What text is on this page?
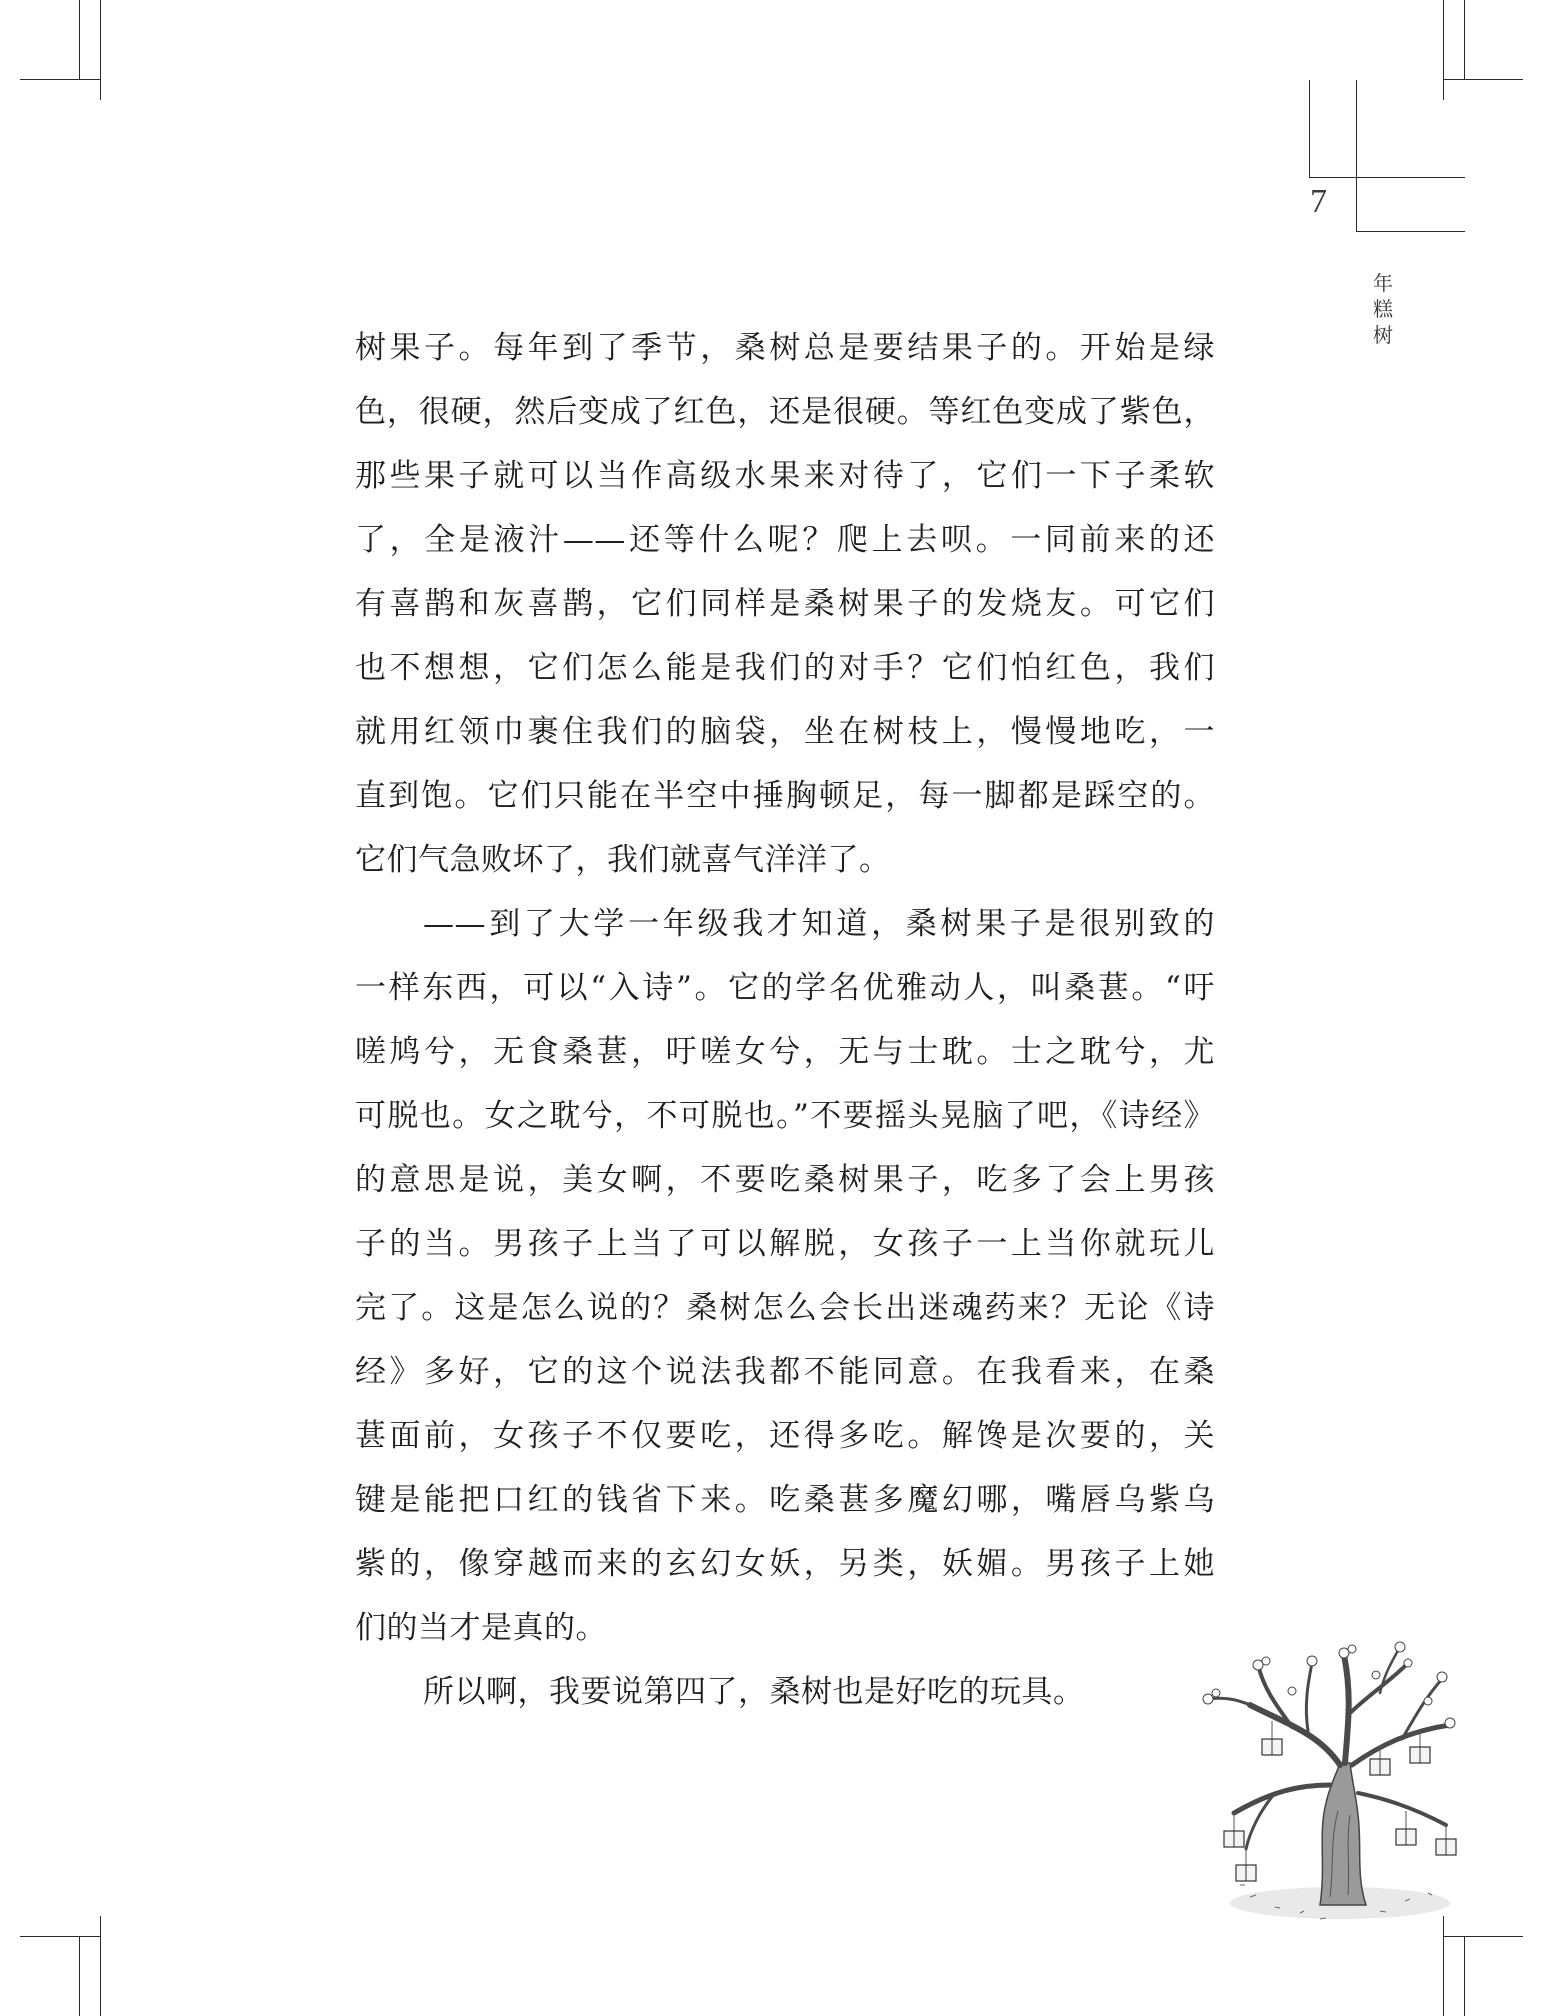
7
年糕树
树果子。每年到了季节，桑树总是要结果子的。开始是绿
色，很硬，然后变成了红色，还是很硬。等红色变成了紫色，
那些果子就可以当作高级水果来对待了，它们一下子柔软
了，全是液汁——还等什么呢？爬上去呗。一同前来的还
有喜鹊和灰喜鹊，它们同样是桑树果子的发烧友。可它们
也不想想，它们怎么能是我们的对手？它们怕红色，我们
就用红领巾裹住我们的脑袋，坐在树枝上，慢慢地吃，一
直到饱。它们只能在半空中捶胸顿足，每一脚都是踩空的。
它们气急败坏了，我们就喜气洋洋了。
——到了大学一年级我才知道，桑树果子是很别致的
一样东西，可以“入诗”。它的学名优雅动人，叫桑葚。“吁
嗟鸠兮，无食桑葚，吁嗟女兮，无与士耽。士之耽兮，尤
可脱也。女之耽兮，不可脱也。”不要摇头晃脑了吧，《诗经》
的意思是说，美女啊，不要吃桑树果子，吃多了会上男孩
子的当。男孩子上当了可以解脱，女孩子一上当你就玩儿
完了。这是怎么说的？桑树怎么会长出迷魂药来？无论《诗
经》多好，它的这个说法我都不能同意。在我看来，在桑
葚面前，女孩子不仅要吃，还得多吃。解馋是次要的，关
键是能把口红的钱省下来。吃桑葚多魔幻哪，嘴唇乌紫乌
紫的，像穿越而来的玄幻女妖，另类，妖媚。男孩子上她
们的当才是真的。
所以啊，我要说第四了，桑树也是好吃的玩具。
